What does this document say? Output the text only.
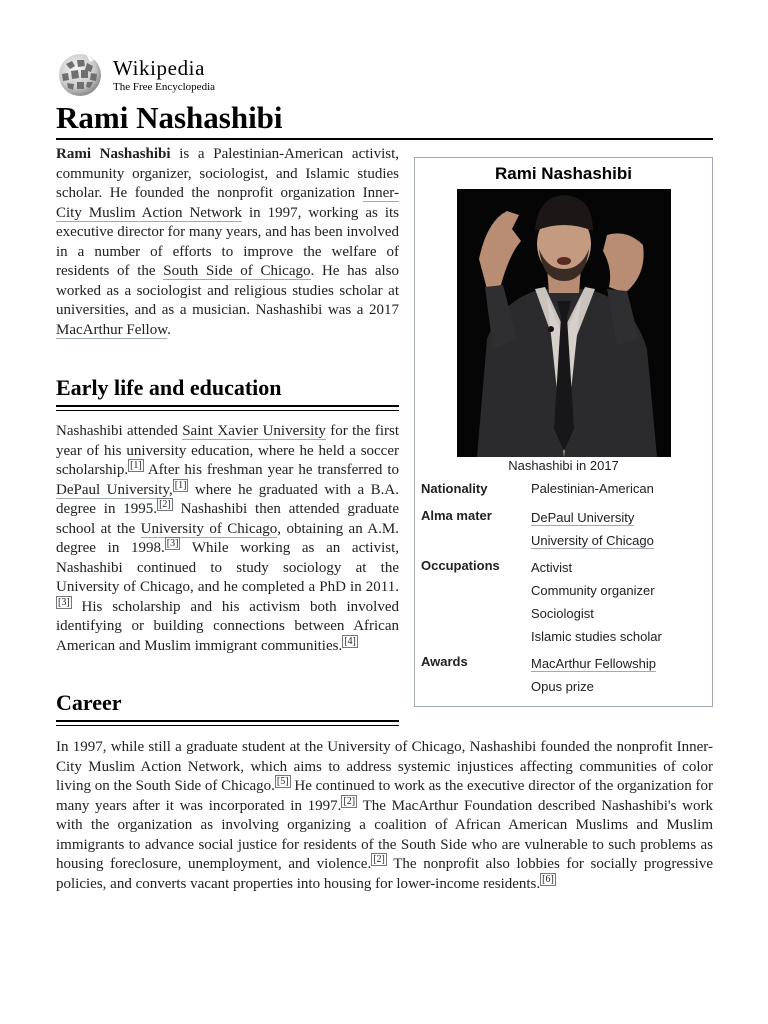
Wikipedia
The Free Encyclopedia
Rami Nashashibi

Rami Nashashibi is a Palestinian-American activist, community organizer, sociologist, and Islamic studies scholar. He founded the nonprofit organization Inner-City Muslim Action Network in 1997, working as its executive director for many years, and has been involved in a number of efforts to improve the welfare of residents of the South Side of Chicago. He has also worked as a sociologist and religious studies scholar at universities, and as a musician. Nashashibi was a 2017 MacArthur Fellow.

Early life and education

Nashashibi attended Saint Xavier University for the first year of his university education, where he held a soccer scholarship. [1] After his freshman year he transferred to DePaul University, [1] where he graduated with a B.A. degree in 1995. [2] Nashashibi then attended graduate school at the University of Chicago, obtaining an A.M. degree in 1998. [3] While working as an activist, Nashashibi continued to study sociology at the University of Chicago, and he completed a PhD in 2011.[3] His scholarship and his activism both involved identifying or building connections between African American and Muslim immigrant communities. [4]

Career

In 1997, while still a graduate student at the University of Chicago, Nashashibi founded the nonprofit Inner-City Muslim Action Network, which aims to address systemic injustices affecting communities of color living on the South Side of Chicago. [5] He continued to work as the executive director of the organization for many years after it was incorporated in 1997. [2] The MacArthur Foundation described Nashashibi's work with the organization as involving organizing a coalition of African American Muslims and Muslim immigrants to advance social justice for residents of the South Side who are vulnerable to such problems as housing foreclosure, unemployment, and violence. [2] The nonprofit also lobbies for socially progressive policies, and converts vacant properties into housing for lower-income residents. [6]

Rami Nashashibi
Nashashibi in 2017
Nationality	Palestinian-American
Alma mater	DePaul University
University of Chicago
Occupations	Activist
Community organizer
Sociologist
Islamic studies scholar
Awards	MacArthur Fellowship
Opus prize
